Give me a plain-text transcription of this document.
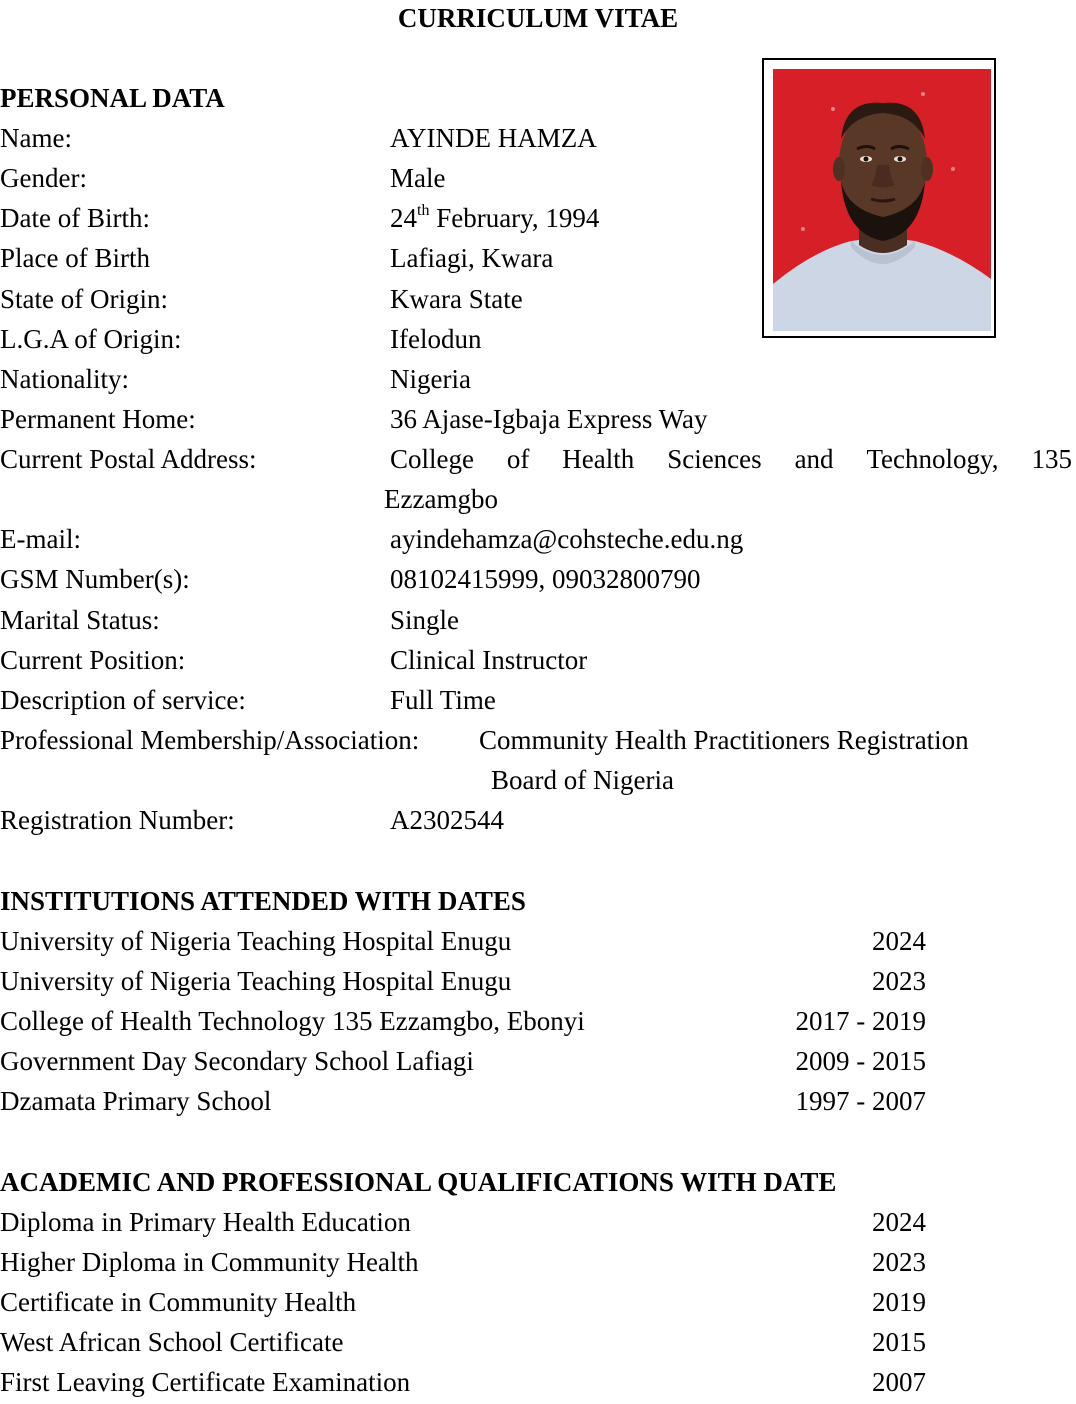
CURRICULUM VITAE
PERSONAL DATA
Name:	AYINDE HAMZA
Gender:	Male
Date of Birth:	24th February, 1994
Place of Birth	Lafiagi, Kwara
State of Origin:	Kwara State
L.G.A of Origin:	Ifelodun
Nationality:	Nigeria
Permanent Home:	36 Ajase-Igbaja Express Way
Current Postal Address:	College of Health Sciences and Technology, 135
Ezzamgbo
E-mail:	ayindehamza@cohsteche.edu.ng
GSM Number(s):	08102415999, 09032800790
Marital Status:	Single
Current Position:	Clinical Instructor
Description of service:	Full Time
Professional Membership/Association: Community Health Practitioners Registration
Board of Nigeria
Registration Number:	A2302544
INSTITUTIONS ATTENDED WITH DATES
University of Nigeria Teaching Hospital Enugu	2024
University of Nigeria Teaching Hospital Enugu	2023
College of Health Technology 135 Ezzamgbo, Ebonyi	2017 - 2019
Government Day Secondary School Lafiagi	2009 - 2015
Dzamata Primary School	1997 - 2007
ACADEMIC AND PROFESSIONAL QUALIFICATIONS WITH DATE
Diploma in Primary Health Education	2024
Higher Diploma in Community Health	2023
Certificate in Community Health	2019
West African School Certificate	2015
First Leaving Certificate Examination	2007
